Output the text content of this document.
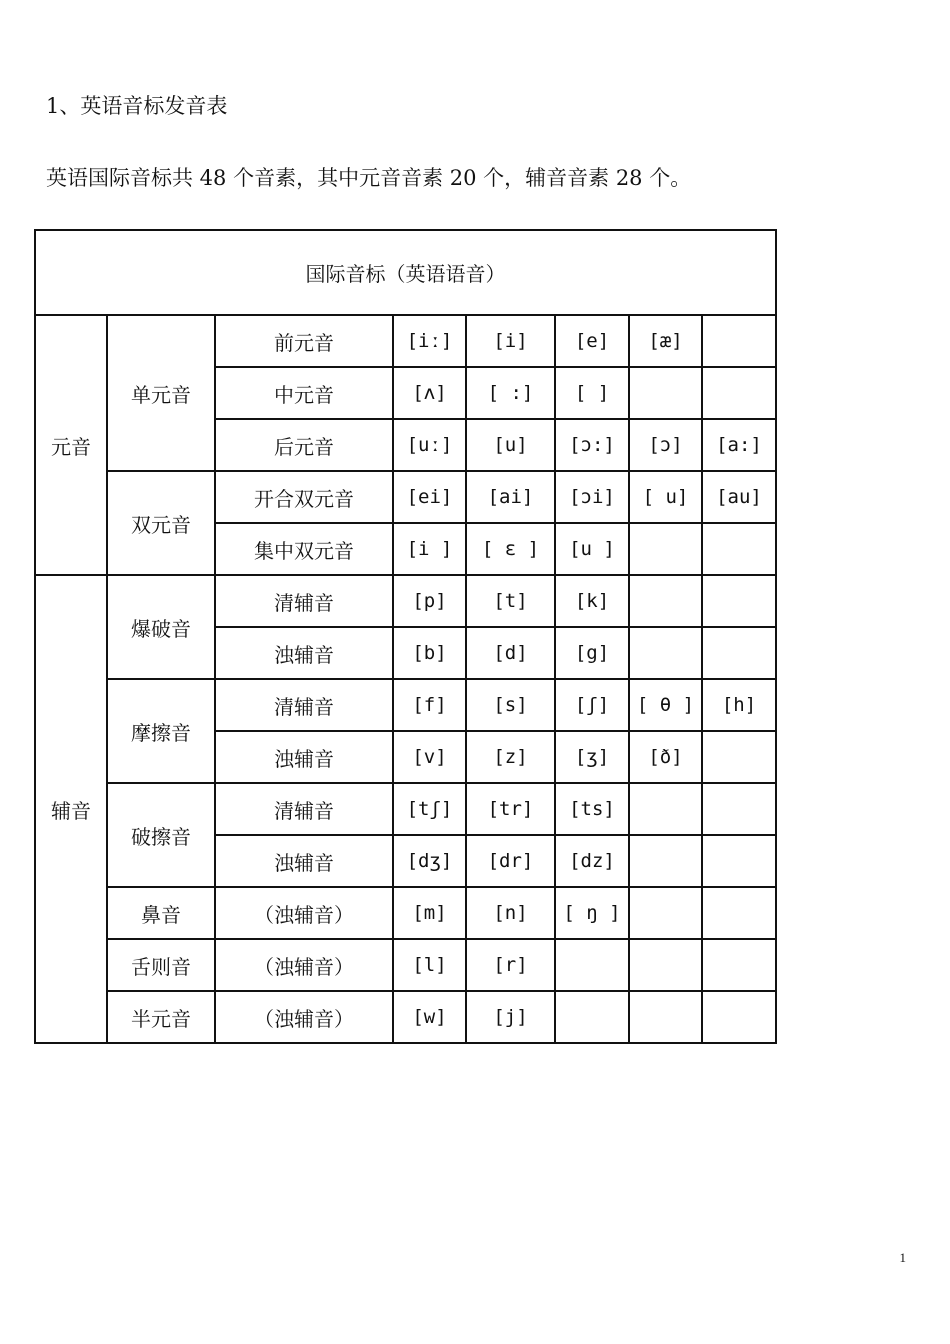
1、英语音标发音表
英语国际音标共 48 个音素，其中元音音素 20 个，辅音音素 28 个。
国际音标（英语语音）							
元音	单元音	前元音	[iː]	[i]	[e]	[æ]	
		中元音	[ʌ]	[ :]	[ ]		
		后元音	[uː]	[u]	[ɔ:]	[ɔ]	[a:]
	双元音	开合双元音	[ei]	[ai]	[ɔi]	[ u]	[au]
		集中双元音	[i ]	[ ɛ ]	[u ]		
辅音	爆破音	清辅音	[p]	[t]	[k]		
		浊辅音	[b]	[d]	[g]		
	摩擦音	清辅音	[f]	[s]	[ʃ]	[ θ ]	[h]
		浊辅音	[v]	[z]	[ʒ]	[ð]	
	破擦音	清辅音	[tʃ]	[tr]	[ts]		
		浊辅音	[dʒ]	[dr]	[dz]		
	鼻音	（浊辅音）	[m]	[n]	[ ŋ ]		
	舌则音	（浊辅音）	[l]	[r]			
	半元音	（浊辅音）	[w]	[j]			
1
